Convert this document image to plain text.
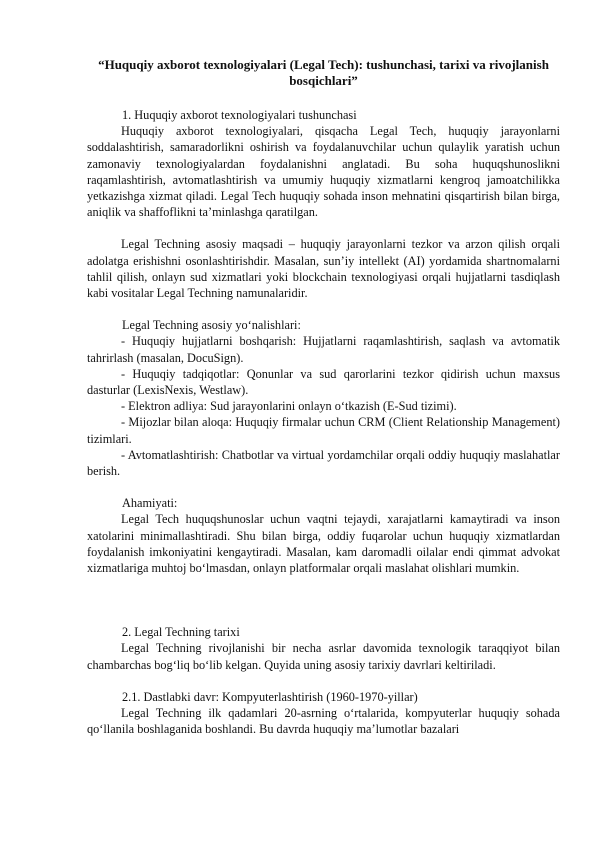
“Huquqiy axborot texnologiyalari (Legal Tech): tushunchasi, tarixi va rivojlanish bosqichlari”
1. Huquqiy axborot texnologiyalari tushunchasi
Huquqiy axborot texnologiyalari, qisqacha Legal Tech, huquqiy jarayonlarni soddalashtirish, samaradorlikni oshirish va foydalanuvchilar uchun qulaylik yaratish uchun zamonaviy texnologiyalardan foydalanishni anglatadi. Bu soha huquqshunoslikni raqamlashtirish, avtomatlashtirish va umumiy huquqiy xizmatlarni kengroq jamoatchilikka yetkazishga xizmat qiladi. Legal Tech huquqiy sohada inson mehnatini qisqartirish bilan birga, aniqlik va shaffoflikni ta’minlashga qaratilgan.
Legal Techning asosiy maqsadi – huquqiy jarayonlarni tezkor va arzon qilish orqali adolatga erishishni osonlashtirishdir. Masalan, sun’iy intellekt (AI) yordamida shartnomalarni tahlil qilish, onlayn sud xizmatlari yoki blockchain texnologiyasi orqali hujjatlarni tasdiqlash kabi vositalar Legal Techning namunalaridir.
Legal Techning asosiy yo‘nalishlari:
- Huquqiy hujjatlarni boshqarish: Hujjatlarni raqamlashtirish, saqlash va avtomatik tahrirlash (masalan, DocuSign).
- Huquqiy tadqiqotlar: Qonunlar va sud qarorlarini tezkor qidirish uchun maxsus dasturlar (LexisNexis, Westlaw).
- Elektron adliya: Sud jarayonlarini onlayn o‘tkazish (E-Sud tizimi).
- Mijozlar bilan aloqa: Huquqiy firmalar uchun CRM (Client Relationship Management) tizimlari.
- Avtomatlashtirish: Chatbotlar va virtual yordamchilar orqali oddiy huquqiy maslahatlar berish.
Ahamiyati:
Legal Tech huquqshunoslar uchun vaqtni tejaydi, xarajatlarni kamaytiradi va inson xatolarini minimallashtiradi. Shu bilan birga, oddiy fuqarolar uchun huquqiy xizmatlardan foydalanish imkoniyatini kengaytiradi. Masalan, kam daromadli oilalar endi qimmat advokat xizmatlariga muhtoj bo‘lmasdan, onlayn platformalar orqali maslahat olishlari mumkin.
2. Legal Techning tarixi
Legal Techning rivojlanishi bir necha asrlar davomida texnologik taraqqiyot bilan chambarchas bog‘liq bo‘lib kelgan. Quyida uning asosiy tarixiy davrlari keltiriladi.
2.1. Dastlabki davr: Kompyuterlashtirish (1960-1970-yillar)
Legal Techning ilk qadamlari 20-asrning o‘rtalarida, kompyuterlar huquqiy sohada qo‘llanila boshlaganida boshlandi. Bu davrda huquqiy ma’lumotlar bazalari
